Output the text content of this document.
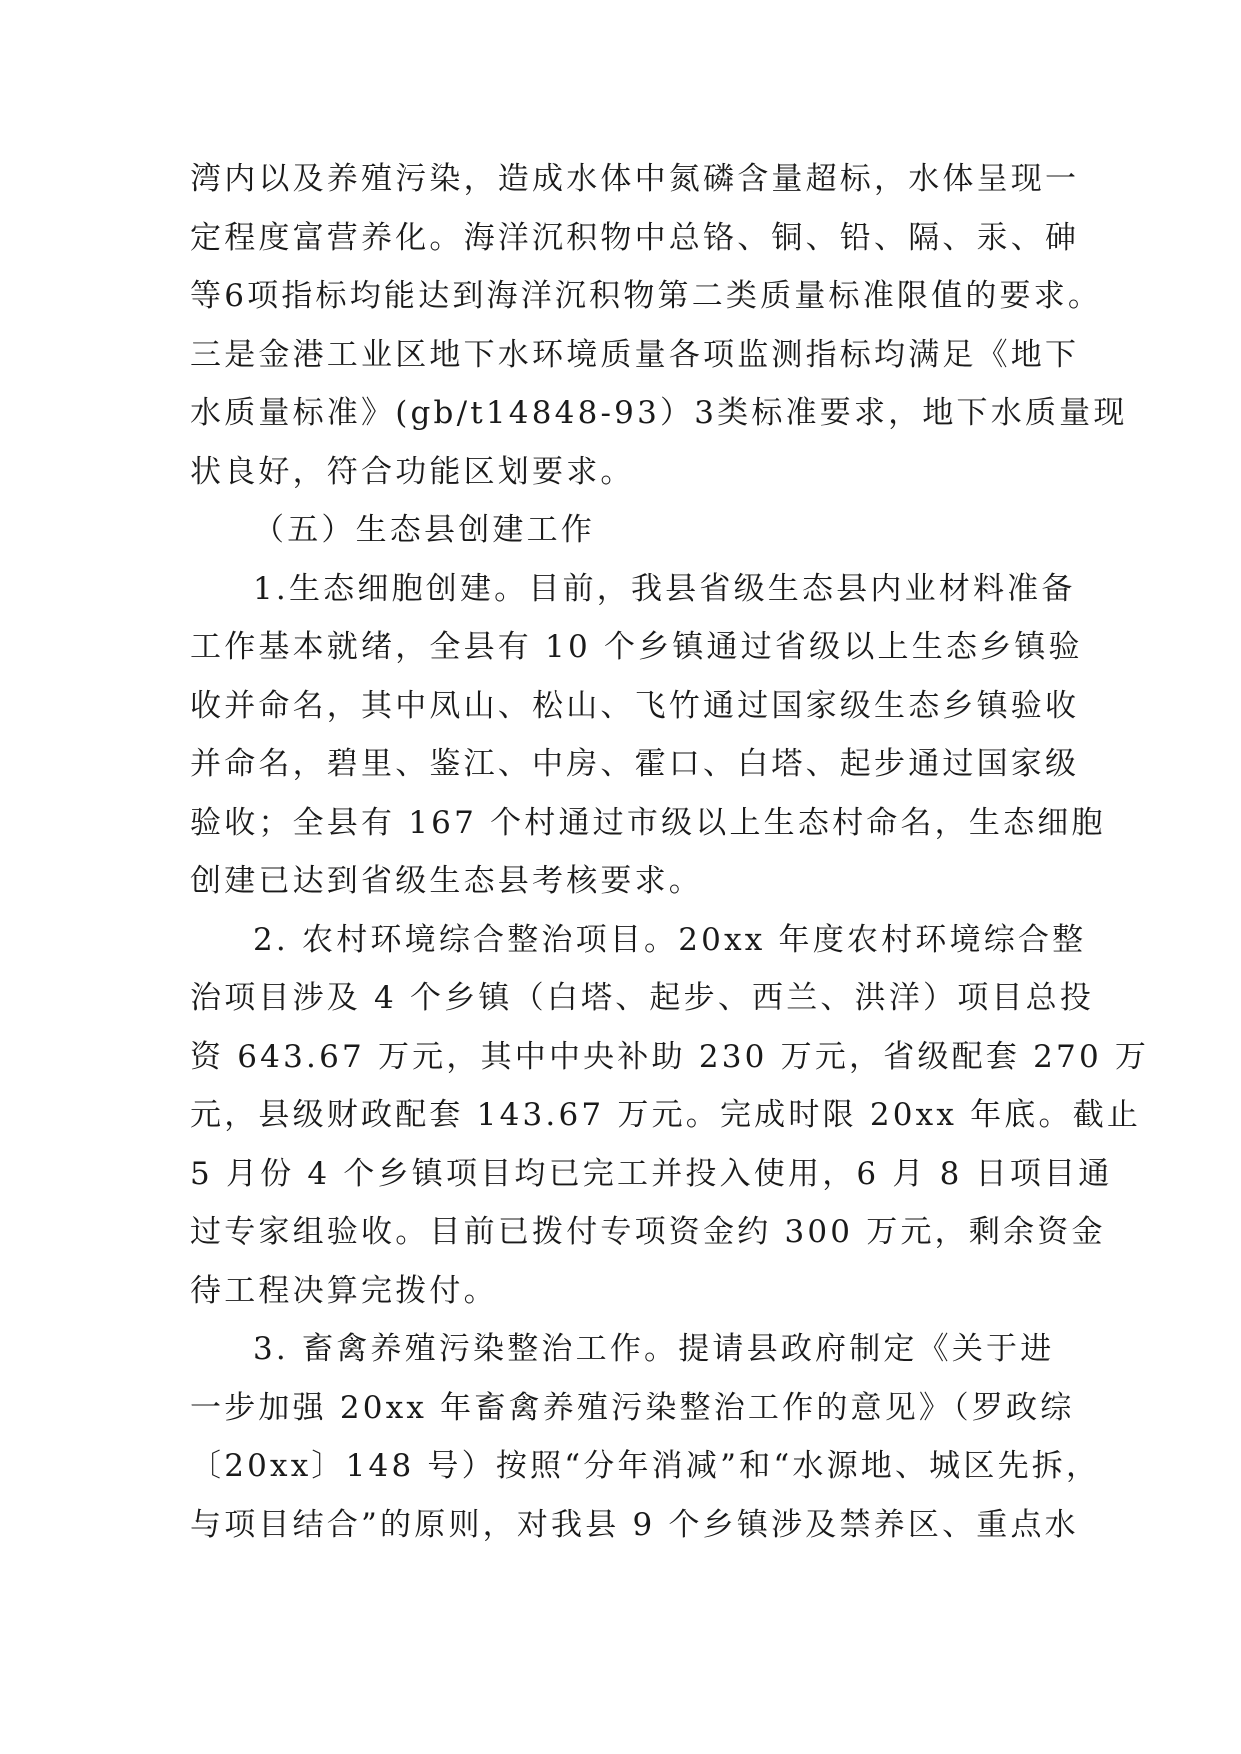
湾内以及养殖污染，造成水体中氮磷含量超标，水体呈现一
定程度富营养化。海洋沉积物中总铬、铜、铅、隔、汞、砷
等6项指标均能达到海洋沉积物第二类质量标准限值的要求。
三是金港工业区地下水环境质量各项监测指标均满足《地下
水质量标准》(gb/t14848-93）3类标准要求，地下水质量现
状良好，符合功能区划要求。
（五）生态县创建工作
1.生态细胞创建。目前，我县省级生态县内业材料准备
工作基本就绪，全县有 10 个乡镇通过省级以上生态乡镇验
收并命名，其中凤山、松山、飞竹通过国家级生态乡镇验收
并命名，碧里、鉴江、中房、霍口、白塔、起步通过国家级
验收；全县有 167 个村通过市级以上生态村命名，生态细胞
创建已达到省级生态县考核要求。
2. 农村环境综合整治项目。20xx 年度农村环境综合整
治项目涉及 4 个乡镇（白塔、起步、西兰、洪洋）项目总投
资 643.67 万元，其中中央补助 230 万元，省级配套 270 万
元，县级财政配套 143.67 万元。完成时限 20xx 年底。截止
5 月份 4 个乡镇项目均已完工并投入使用，6 月 8 日项目通
过专家组验收。目前已拨付专项资金约 300 万元，剩余资金
待工程决算完拨付。
3. 畜禽养殖污染整治工作。提请县政府制定《关于进
一步加强 20xx 年畜禽养殖污染整治工作的意见》（罗政综
〔20xx〕148 号）按照“分年消减”和“水源地、城区先拆，
与项目结合”的原则，对我县 9 个乡镇涉及禁养区、重点水
